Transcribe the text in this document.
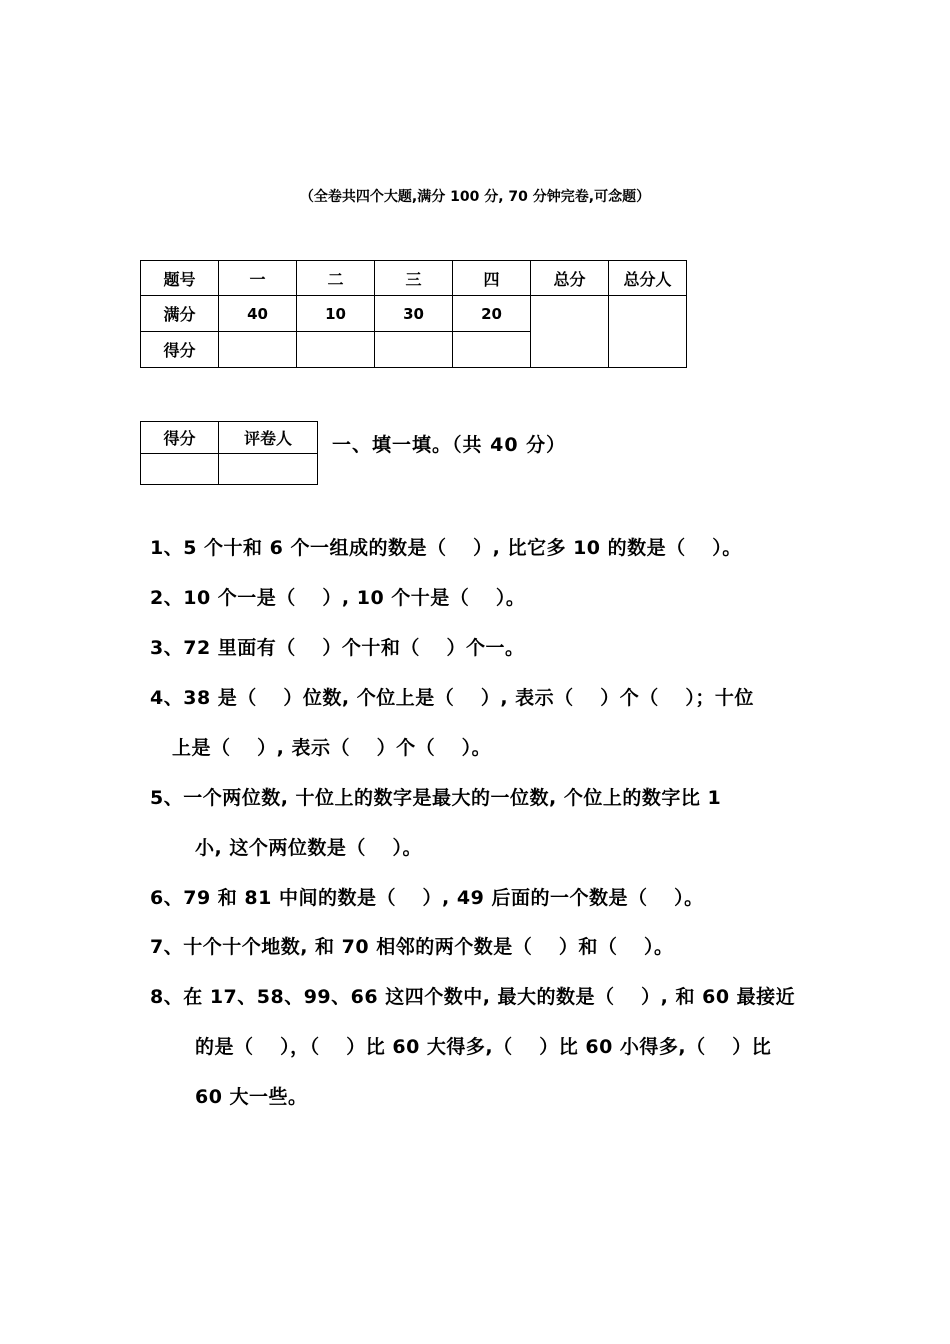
（全卷共四个大题,满分 100 分, 70 分钟完卷,可念题）
题号	一	二	三	四	总分	总分人
满分	40	10	30	20		
得分						
得分	评卷人
	一、填一填。（共 40 分）
1、5 个十和 6 个一组成的数是（　 ）, 比它多 10 的数是（　 ）。
2、10 个一是（　 ）, 10 个十是（　 ）。
3、72 里面有（　 ）个十和（　 ）个一。
4、38 是（　 ）位数, 个位上是（　 ）, 表示（　 ）个（　 ）；十位
上是（　 ）, 表示（　 ）个（　 ）。
5、一个两位数, 十位上的数字是最大的一位数, 个位上的数字比 1
小, 这个两位数是（　 ）。
6、79 和 81 中间的数是（　 ）, 49 后面的一个数是（　 ）。
7、十个十个地数, 和 70 相邻的两个数是（　 ）和（　 ）。
8、在 17、58、99、66 这四个数中, 最大的数是（　 ）, 和 60 最接近
的是（　 ），（　 ）比 60 大得多,（　 ）比 60 小得多,（　 ）比
60 大一些。
